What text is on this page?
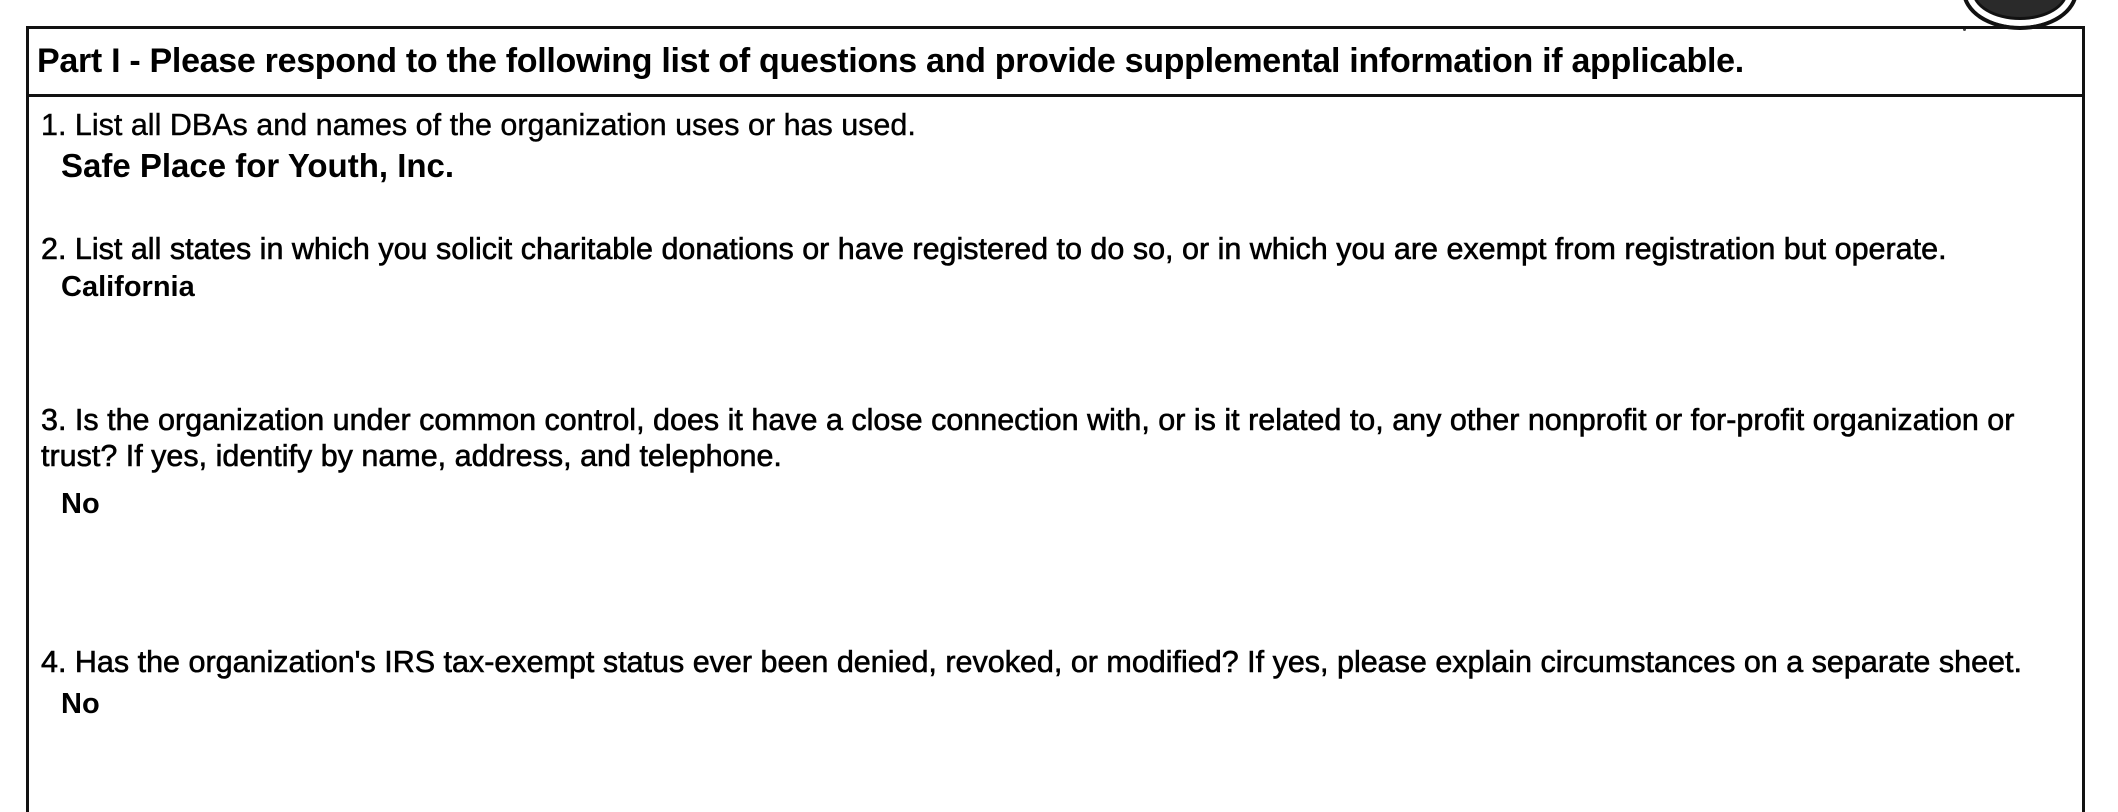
Part I - Please respond to the following list of questions and provide supplemental information if applicable.

1. List all DBAs and names of the organization uses or has used.

Safe Place for Youth, Inc.

2. List all states in which you solicit charitable donations or have registered to do so, or in which you are exempt from registration but operate.

California

3. Is the organization under common control, does it have a close connection with, or is it related to, any other nonprofit or for-profit organization or trust? If yes, identify by name, address, and telephone.

No

4. Has the organization's IRS tax-exempt status ever been denied, revoked, or modified? If yes, please explain circumstances on a separate sheet.

No
